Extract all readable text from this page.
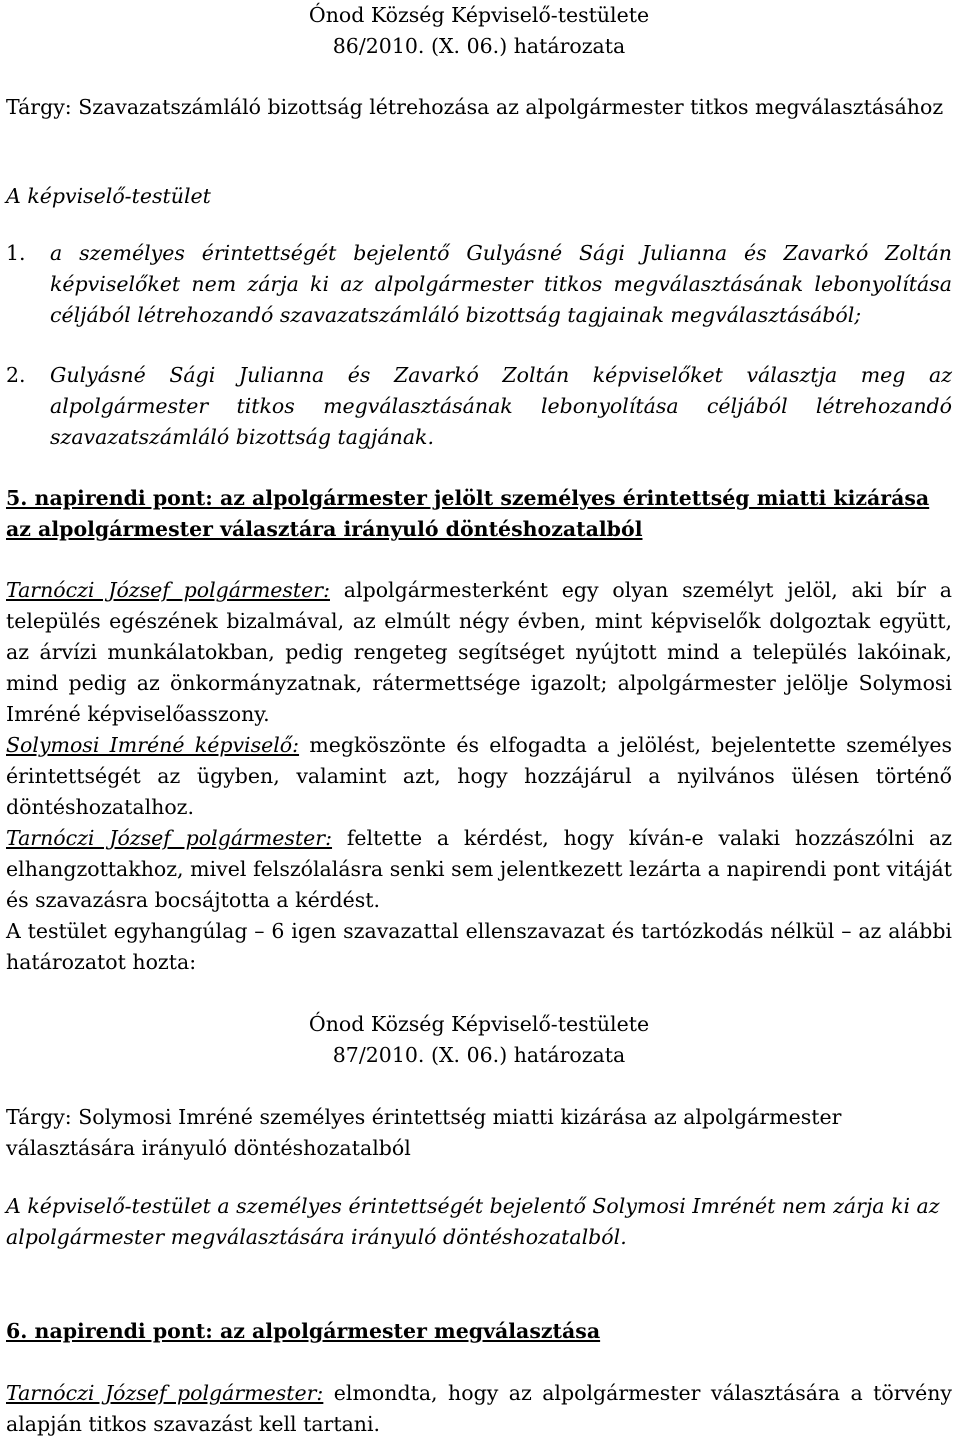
Ónod Község Képviselő-testülete

86/2010. (X. 06.) határozata

Tárgy: Szavazatszámláló bizottság létrehozása az alpolgármester titkos megválasztásához

A képviselő-testület

1.	a személyes érintettségét bejelentő Gulyásné Sági Julianna és Zavarkó Zoltán képviselőket nem zárja ki az alpolgármester titkos megválasztásának lebonyolítása céljából létrehozandó szavazatszámláló bizottság tagjainak megválasztásából;
2.	Gulyásné Sági Julianna és Zavarkó Zoltán képviselőket választja meg az alpolgármester titkos megválasztásának lebonyolítása céljából létrehozandó szavazatszámláló bizottság tagjának.

5. napirendi pont: az alpolgármester jelölt személyes érintettség miatti kizárása az alpolgármester választára irányuló döntéshozatalból

Tarnóczi József polgármester: alpolgármesterként egy olyan személyt jelöl, aki bír a település egészének bizalmával, az elmúlt négy évben, mint képviselők dolgoztak együtt, az árvízi munkálatokban, pedig rengeteg segítséget nyújtott mind a település lakóinak, mind pedig az önkormányzatnak, rátermettsége igazolt; alpolgármester jelölje Solymosi Imréné képviselőasszony.

Solymosi Imréné képviselő: megköszönte és elfogadta a jelölést, bejelentette személyes érintettségét az ügyben, valamint azt, hogy hozzájárul a nyilvános ülésen történő döntéshozatalhoz.

Tarnóczi József polgármester: feltette a kérdést, hogy kíván-e valaki hozzászólni az elhangzottakhoz, mivel felszólalásra senki sem jelentkezett lezárta a napirendi pont vitáját és szavazásra bocsájtotta a kérdést.

A testület egyhangúlag – 6 igen szavazattal ellenszavazat és tartózkodás nélkül – az alábbi határozatot hozta:

Ónod Község Képviselő-testülete

87/2010. (X. 06.) határozata

Tárgy: Solymosi Imréné személyes érintettség miatti kizárása az alpolgármester választására irányuló döntéshozatalból

A képviselő-testület a személyes érintettségét bejelentő Solymosi Imrénét nem zárja ki az alpolgármester megválasztására irányuló döntéshozatalból.

6. napirendi pont: az alpolgármester megválasztása

Tarnóczi József polgármester: elmondta, hogy az alpolgármester választására a törvény alapján titkos szavazást kell tartani.
